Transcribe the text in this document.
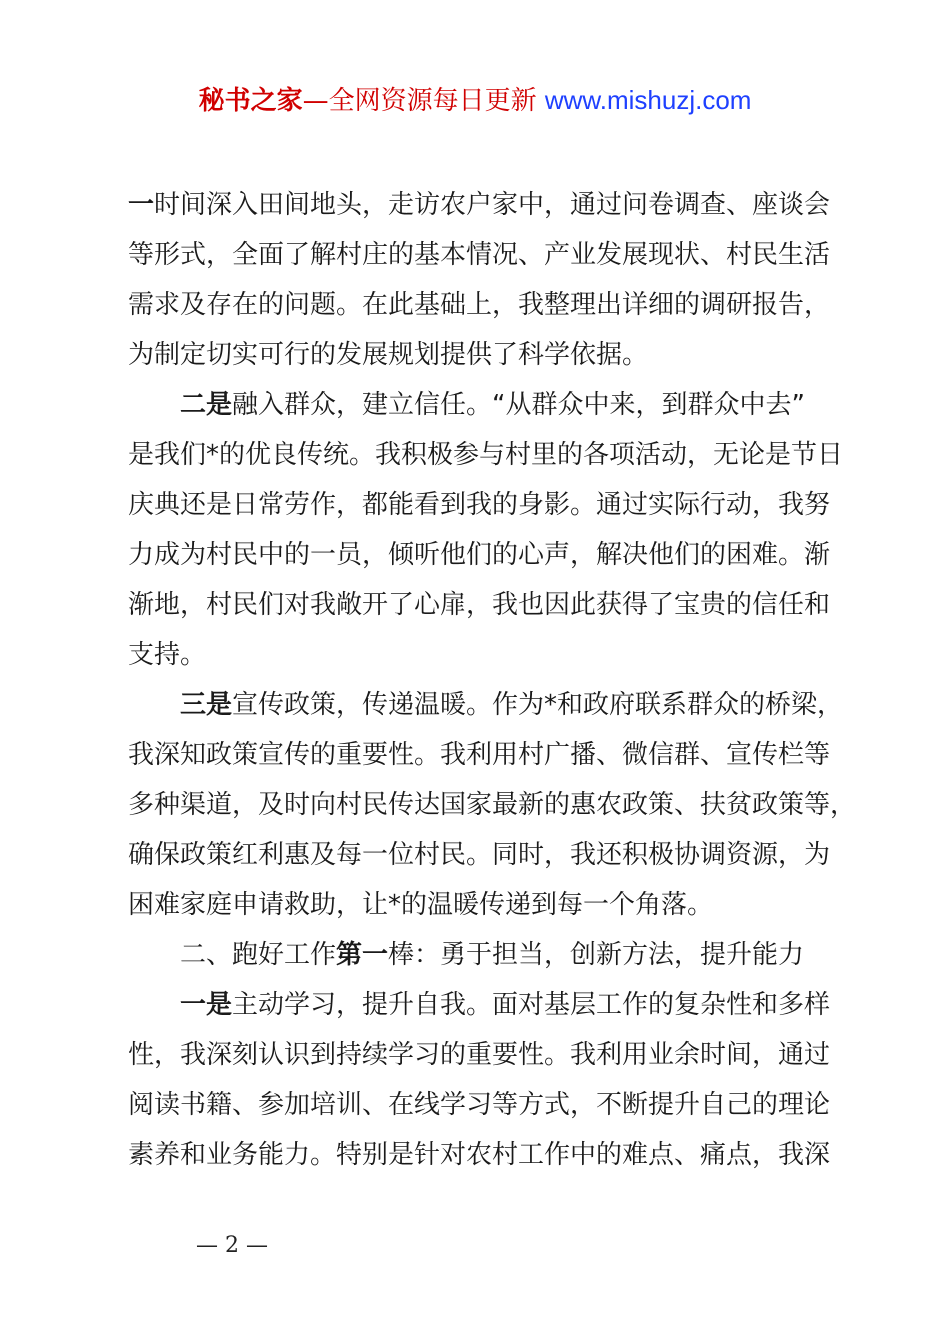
秘书之家—全网资源每日更新 www.mishuzj.com
一时间深入田间地头，走访农户家中，通过问卷调查、座谈会
等形式，全面了解村庄的基本情况、产业发展现状、村民生活
需求及存在的问题。在此基础上，我整理出详细的调研报告，
为制定切实可行的发展规划提供了科学依据。
二是融入群众，建立信任。“从群众中来，到群众中去”
是我们*的优良传统。我积极参与村里的各项活动，无论是节日
庆典还是日常劳作，都能看到我的身影。通过实际行动，我努
力成为村民中的一员，倾听他们的心声，解决他们的困难。渐
渐地，村民们对我敞开了心扉，我也因此获得了宝贵的信任和
支持。
三是宣传政策，传递温暖。作为*和政府联系群众的桥梁，
我深知政策宣传的重要性。我利用村广播、微信群、宣传栏等
多种渠道，及时向村民传达国家最新的惠农政策、扶贫政策等，
确保政策红利惠及每一位村民。同时，我还积极协调资源，为
困难家庭申请救助，让*的温暖传递到每一个角落。
二、跑好工作第一棒：勇于担当，创新方法，提升能力
一是主动学习，提升自我。面对基层工作的复杂性和多样
性，我深刻认识到持续学习的重要性。我利用业余时间，通过
阅读书籍、参加培训、在线学习等方式，不断提升自己的理论
素养和业务能力。特别是针对农村工作中的难点、痛点，我深
— 2 —
